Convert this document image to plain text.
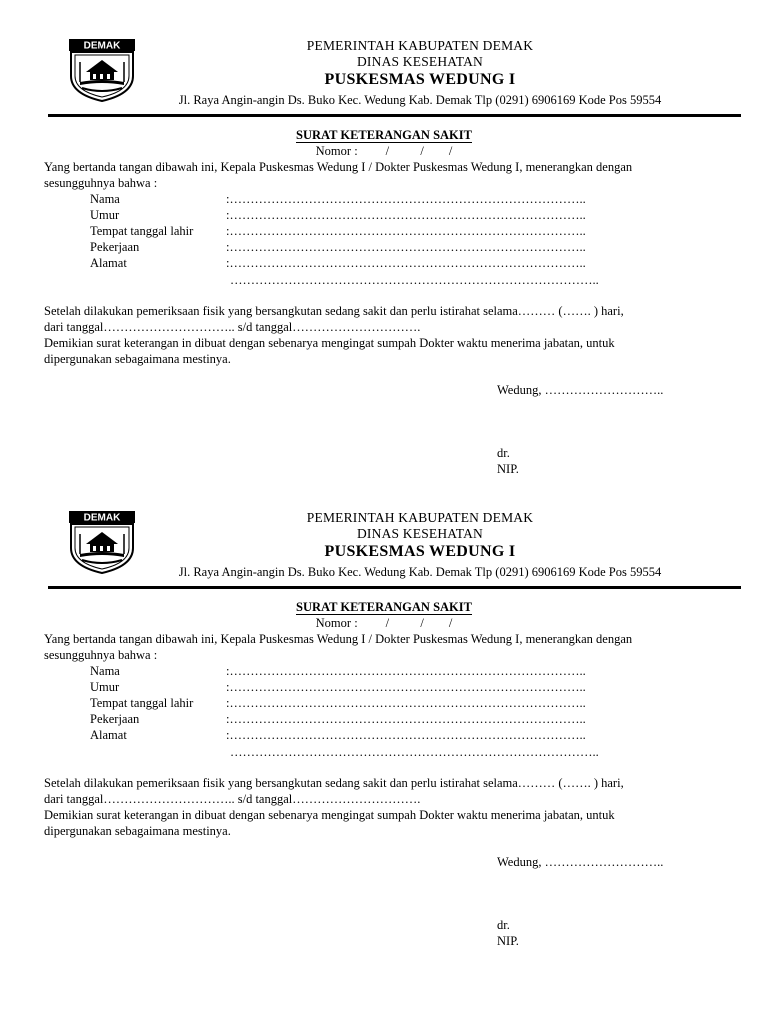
DEMAK	PEMERINTAH KABUPATEN DEMAK
DINAS KESEHATAN
PUSKESMAS WEDUNG I
Jl. Raya Angin-angin Ds. Buko Kec. Wedung Kab. Demak Tlp (0291) 6906169 Kode Pos 59554
SURAT KETERANGAN SAKIT
Nomor : /          /        /
Yang bertanda tangan dibawah ini, Kepala Puskesmas Wedung I / Dokter Puskesmas Wedung I, menerangkan dengan
sesungguhnya bahwa :
Nama	:…………………………………………………………………………..
Umur	:…………………………………………………………………………..
Tempat tanggal lahir	:…………………………………………………………………………..
Pekerjaan	:…………………………………………………………………………..
Alamat	:…………………………………………………………………………..
……………………………………………………………………………..
Setelah dilakukan pemeriksaan fisik yang bersangkutan sedang sakit dan perlu istirahat selama……… (……. ) hari,
dari tanggal………………………….. s/d tanggal………………………….
Demikian surat keterangan in dibuat dengan sebenarya mengingat sumpah Dokter waktu menerima jabatan, untuk
dipergunakan sebagaimana mestinya.
Wedung, ………………………..
dr.
NIP.
DEMAK	PEMERINTAH KABUPATEN DEMAK
DINAS KESEHATAN
PUSKESMAS WEDUNG I
Jl. Raya Angin-angin Ds. Buko Kec. Wedung Kab. Demak Tlp (0291) 6906169 Kode Pos 59554
SURAT KETERANGAN SAKIT
Nomor : /          /        /
Yang bertanda tangan dibawah ini, Kepala Puskesmas Wedung I / Dokter Puskesmas Wedung I, menerangkan dengan
sesungguhnya bahwa :
Nama	:…………………………………………………………………………..
Umur	:…………………………………………………………………………..
Tempat tanggal lahir	:…………………………………………………………………………..
Pekerjaan	:…………………………………………………………………………..
Alamat	:…………………………………………………………………………..
……………………………………………………………………………..
Setelah dilakukan pemeriksaan fisik yang bersangkutan sedang sakit dan perlu istirahat selama……… (……. ) hari,
dari tanggal………………………….. s/d tanggal………………………….
Demikian surat keterangan in dibuat dengan sebenarya mengingat sumpah Dokter waktu menerima jabatan, untuk
dipergunakan sebagaimana mestinya.
Wedung, ………………………..
dr.
NIP.
